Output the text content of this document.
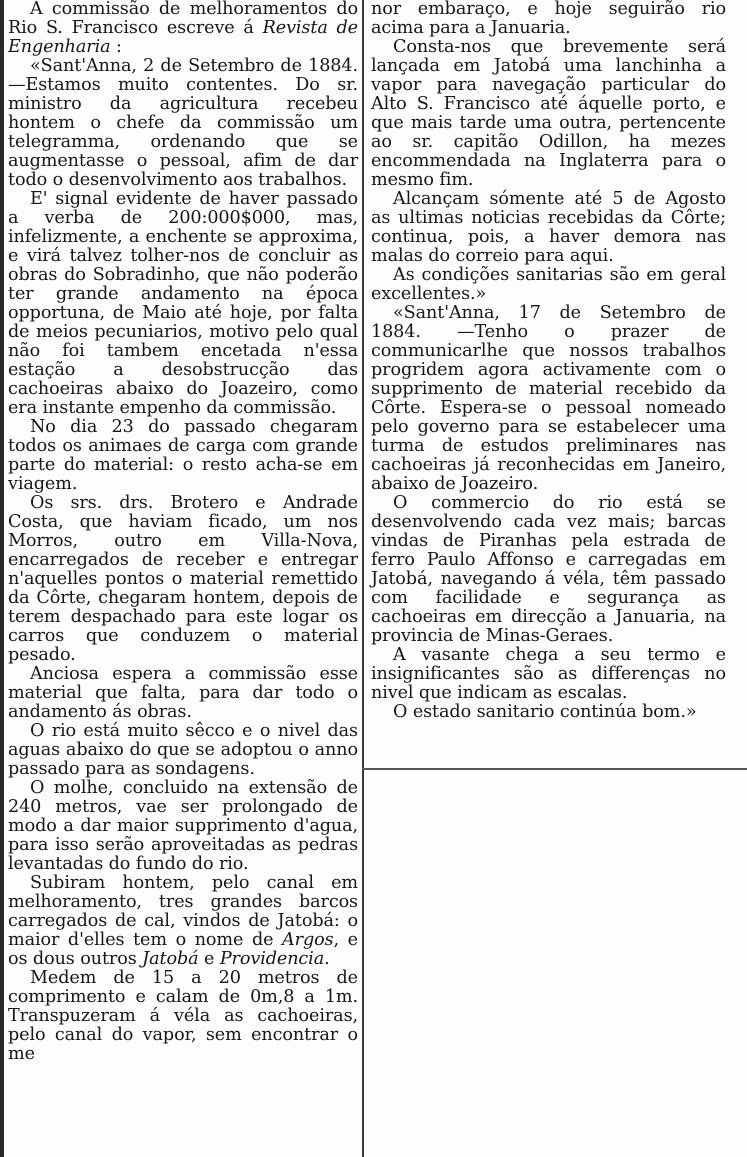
A commissão de melhoramentos do Rio S. Francisco escreve á Revista de Engenharia :

«Sant'Anna, 2 de Setembro de 1884. —Estamos muito contentes. Do sr. ministro da agricultura recebeu hontem o chefe da commissão um telegramma, ordenando que se augmentasse o pessoal, afim de dar todo o desenvolvimento aos trabalhos.

E' signal evidente de haver passado a verba de 200:000$000, mas, infelizmente, a enchente se approxima, e virá talvez tolher-nos de concluir as obras do Sobradinho, que não poderão ter grande andamento na época opportuna, de Maio até hoje, por falta de meios pecuniarios, motivo pelo qual não foi tambem encetada n'essa estação a desobstrucção das cachoeiras abaixo do Joazeiro, como era instante empenho da commissão.

No dia 23 do passado chegaram todos os animaes de carga com grande parte do material: o resto acha-se em viagem.

Os srs. drs. Brotero e Andrade Costa, que haviam ficado, um nos Morros, outro em Villa-Nova, encarregados de receber e entregar n'aquelles pontos o material remettido da Côrte, chegaram hontem, depois de terem despachado para este logar os carros que conduzem o material pesado.

Anciosa espera a commissão esse material que falta, para dar todo o andamento ás obras.

O rio está muito sêcco e o nivel das aguas abaixo do que se adoptou o anno passado para as sondagens.

O molhe, concluido na extensão de 240 metros, vae ser prolongado de modo a dar maior supprimento d'agua, para isso serão aproveitadas as pedras levantadas do fundo do rio.

Subiram hontem, pelo canal em melhoramento, tres grandes barcos carregados de cal, vindos de Jatobá: o maior d'elles tem o nome de Argos, e os dous outros Jatobá e Providencia.

Medem de 15 a 20 metros de comprimento e calam de 0m,8 a 1m. Transpuzeram á véla as cachoeiras, pelo canal do vapor, sem encontrar o me

nor embaraço, e hoje seguirão rio acima para a Januaria.

Consta-nos que brevemente será lançada em Jatobá uma lanchinha a vapor para navegação particular do Alto S. Francisco até áquelle porto, e que mais tarde uma outra, pertencente ao sr. capitão Odillon, ha mezes encommendada na Inglaterra para o mesmo fim.

Alcançam sómente até 5 de Agosto as ultimas noticias recebidas da Côrte; continua, pois, a haver demora nas malas do correio para aqui.

As condições sanitarias são em geral excellentes.»

«Sant'Anna, 17 de Setembro de 1884. —Tenho o prazer de communicarlhe que nossos trabalhos progridem agora activamente com o supprimento de material recebido da Côrte. Espera-se o pessoal nomeado pelo governo para se estabelecer uma turma de estudos preliminares nas cachoeiras já reconhecidas em Janeiro, abaixo de Joazeiro.

O commercio do rio está se desenvolvendo cada vez mais; barcas vindas de Piranhas pela estrada de ferro Paulo Affonso e carregadas em Jatobá, navegando á véla, têm passado com facilidade e segurança as cachoeiras em direcção a Januaria, na provincia de Minas-Geraes.

A vasante chega a seu termo e insignificantes são as differenças no nivel que indicam as escalas.

O estado sanitario continúa bom.»
